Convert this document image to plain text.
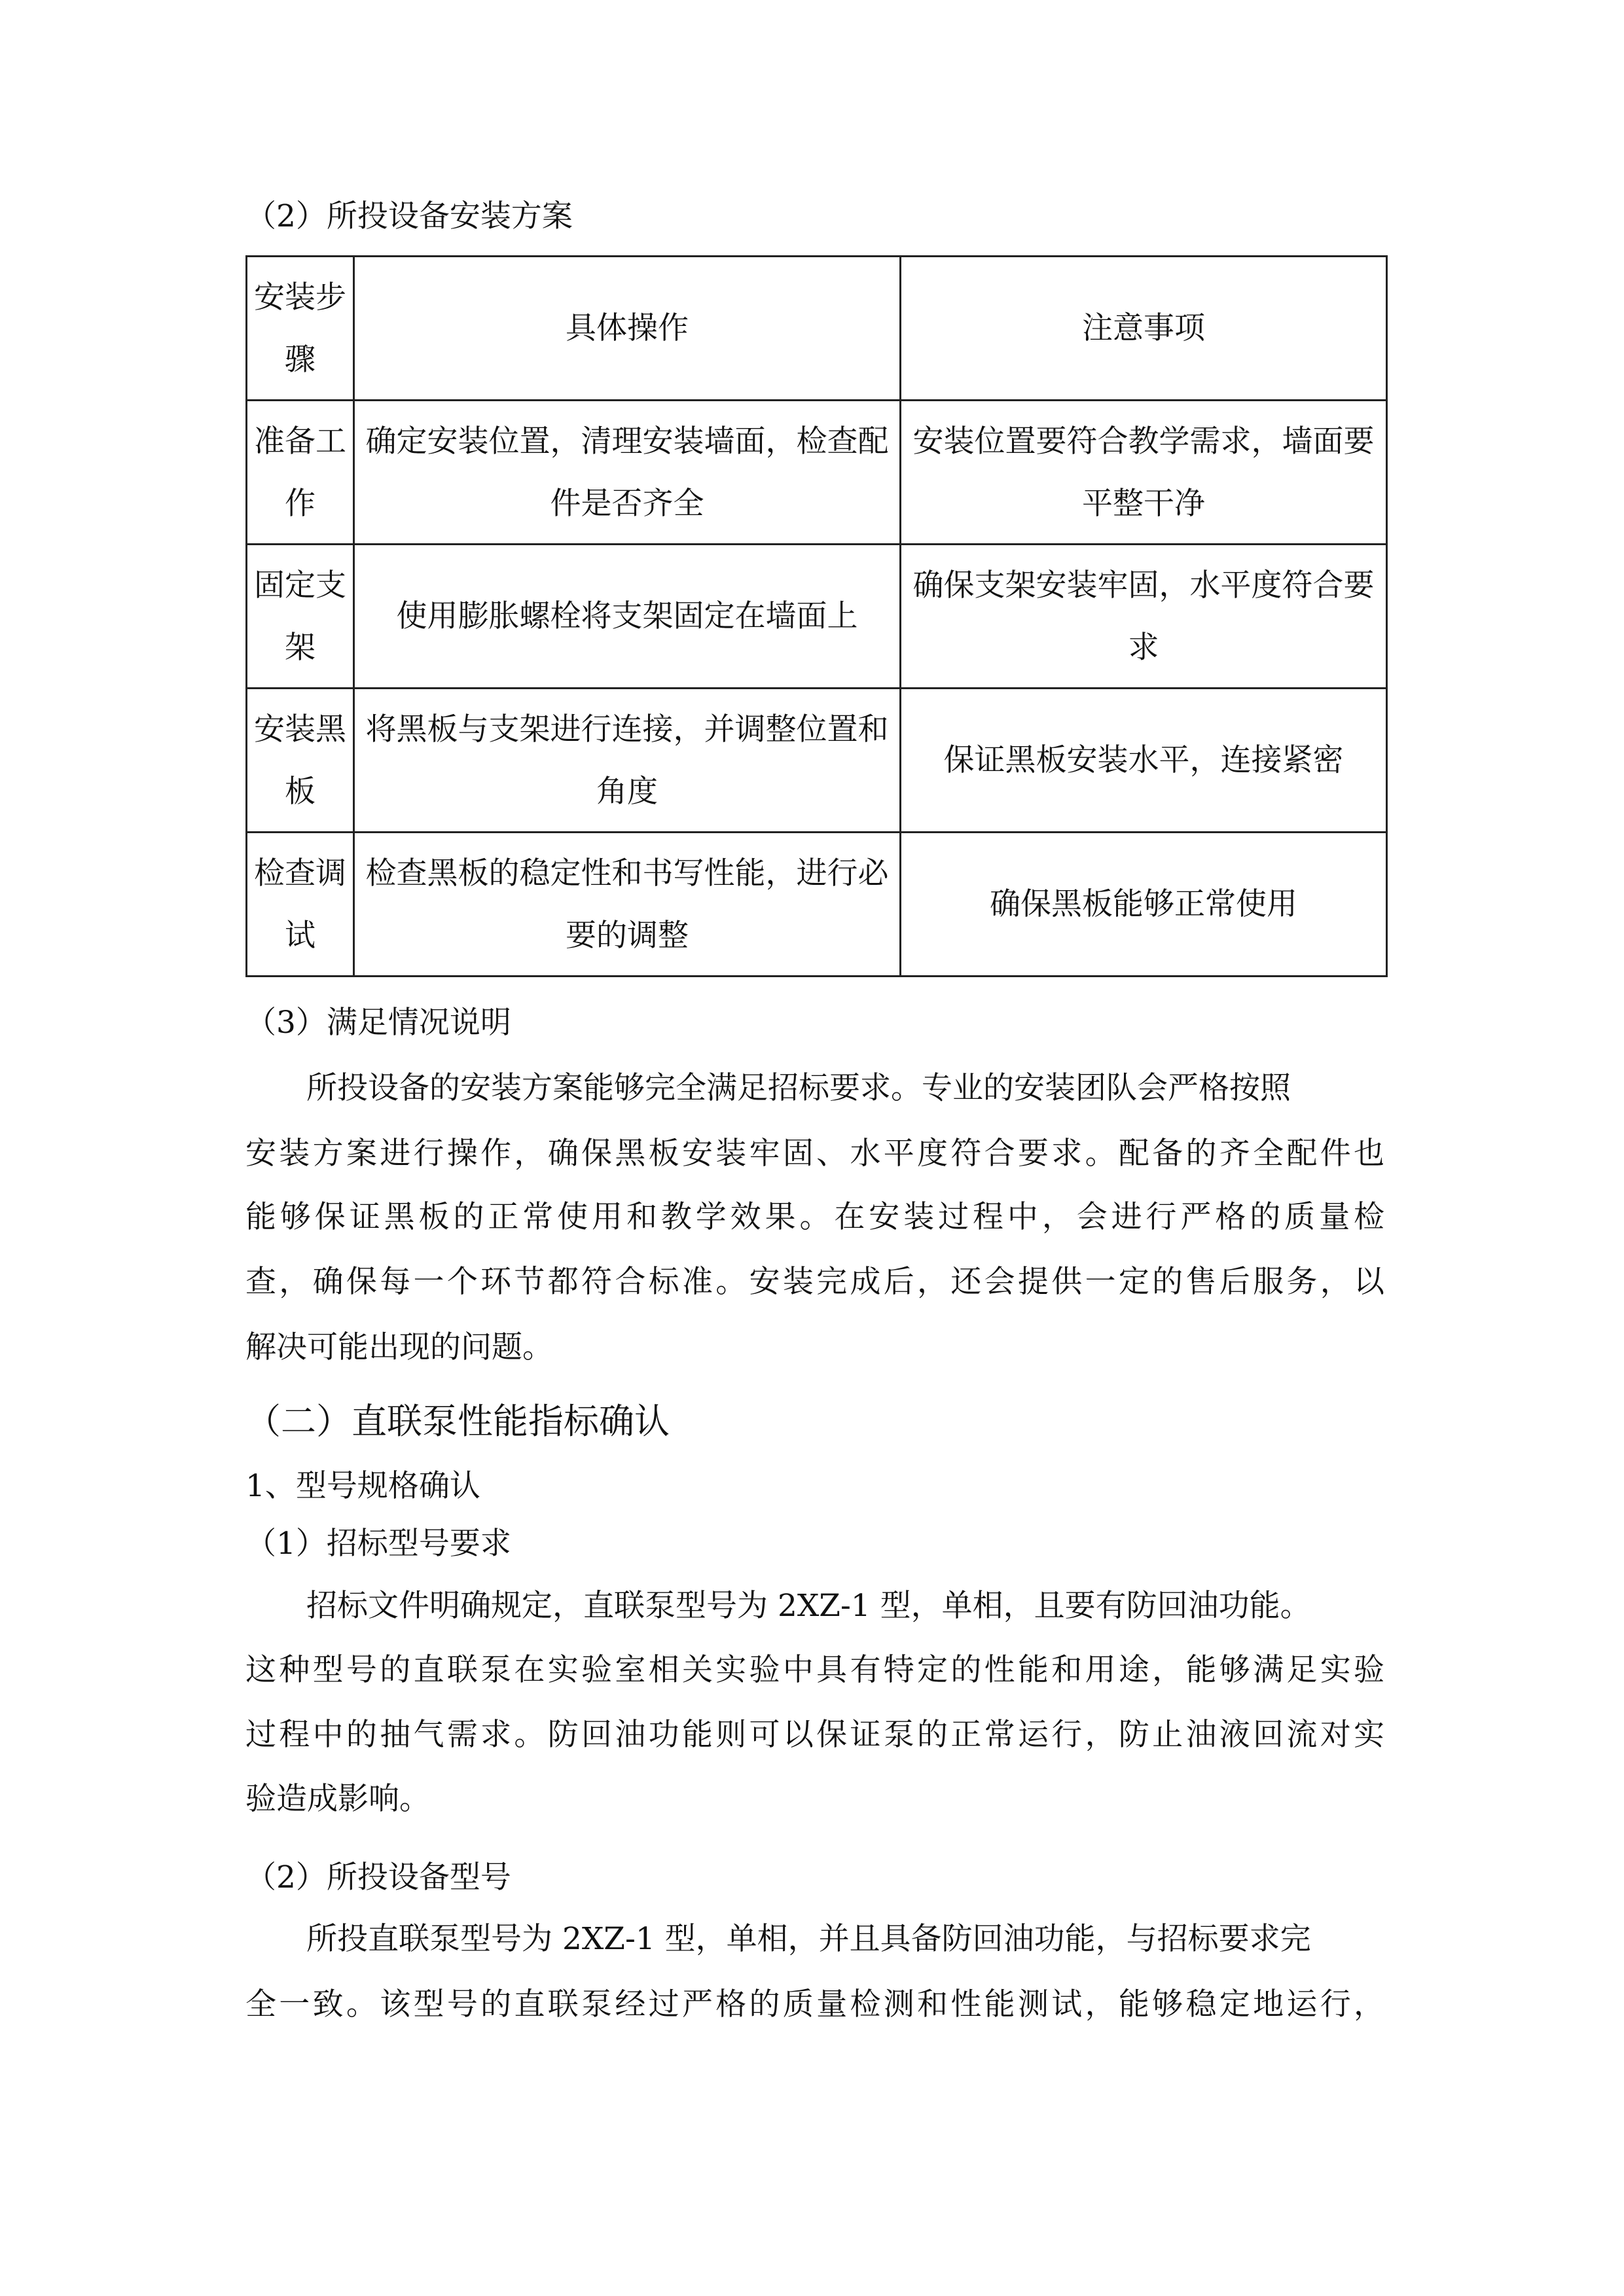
（2）所投设备安装方案
安装步骤	具体操作	注意事项
准备工作	确定安装位置，清理安装墙面，检查配件是否齐全	安装位置要符合教学需求，墙面要平整干净
固定支架	使用膨胀螺栓将支架固定在墙面上	确保支架安装牢固，水平度符合要求
安装黑板	将黑板与支架进行连接，并调整位置和角度	保证黑板安装水平，连接紧密
检查调试	检查黑板的稳定性和书写性能，进行必要的调整	确保黑板能够正常使用
（3）满足情况说明
所投设备的安装方案能够完全满足招标要求。专业的安装团队会严格按照
安装方案进行操作，确保黑板安装牢固、水平度符合要求。配备的齐全配件也
能够保证黑板的正常使用和教学效果。在安装过程中，会进行严格的质量检
查，确保每一个环节都符合标准。安装完成后，还会提供一定的售后服务，以
解决可能出现的问题。
（二）直联泵性能指标确认
1、型号规格确认
（1）招标型号要求
招标文件明确规定，直联泵型号为 2XZ-1 型，单相，且要有防回油功能。
这种型号的直联泵在实验室相关实验中具有特定的性能和用途，能够满足实验
过程中的抽气需求。防回油功能则可以保证泵的正常运行，防止油液回流对实
验造成影响。
（2）所投设备型号
所投直联泵型号为 2XZ-1 型，单相，并且具备防回油功能，与招标要求完
全一致。该型号的直联泵经过严格的质量检测和性能测试，能够稳定地运行，
